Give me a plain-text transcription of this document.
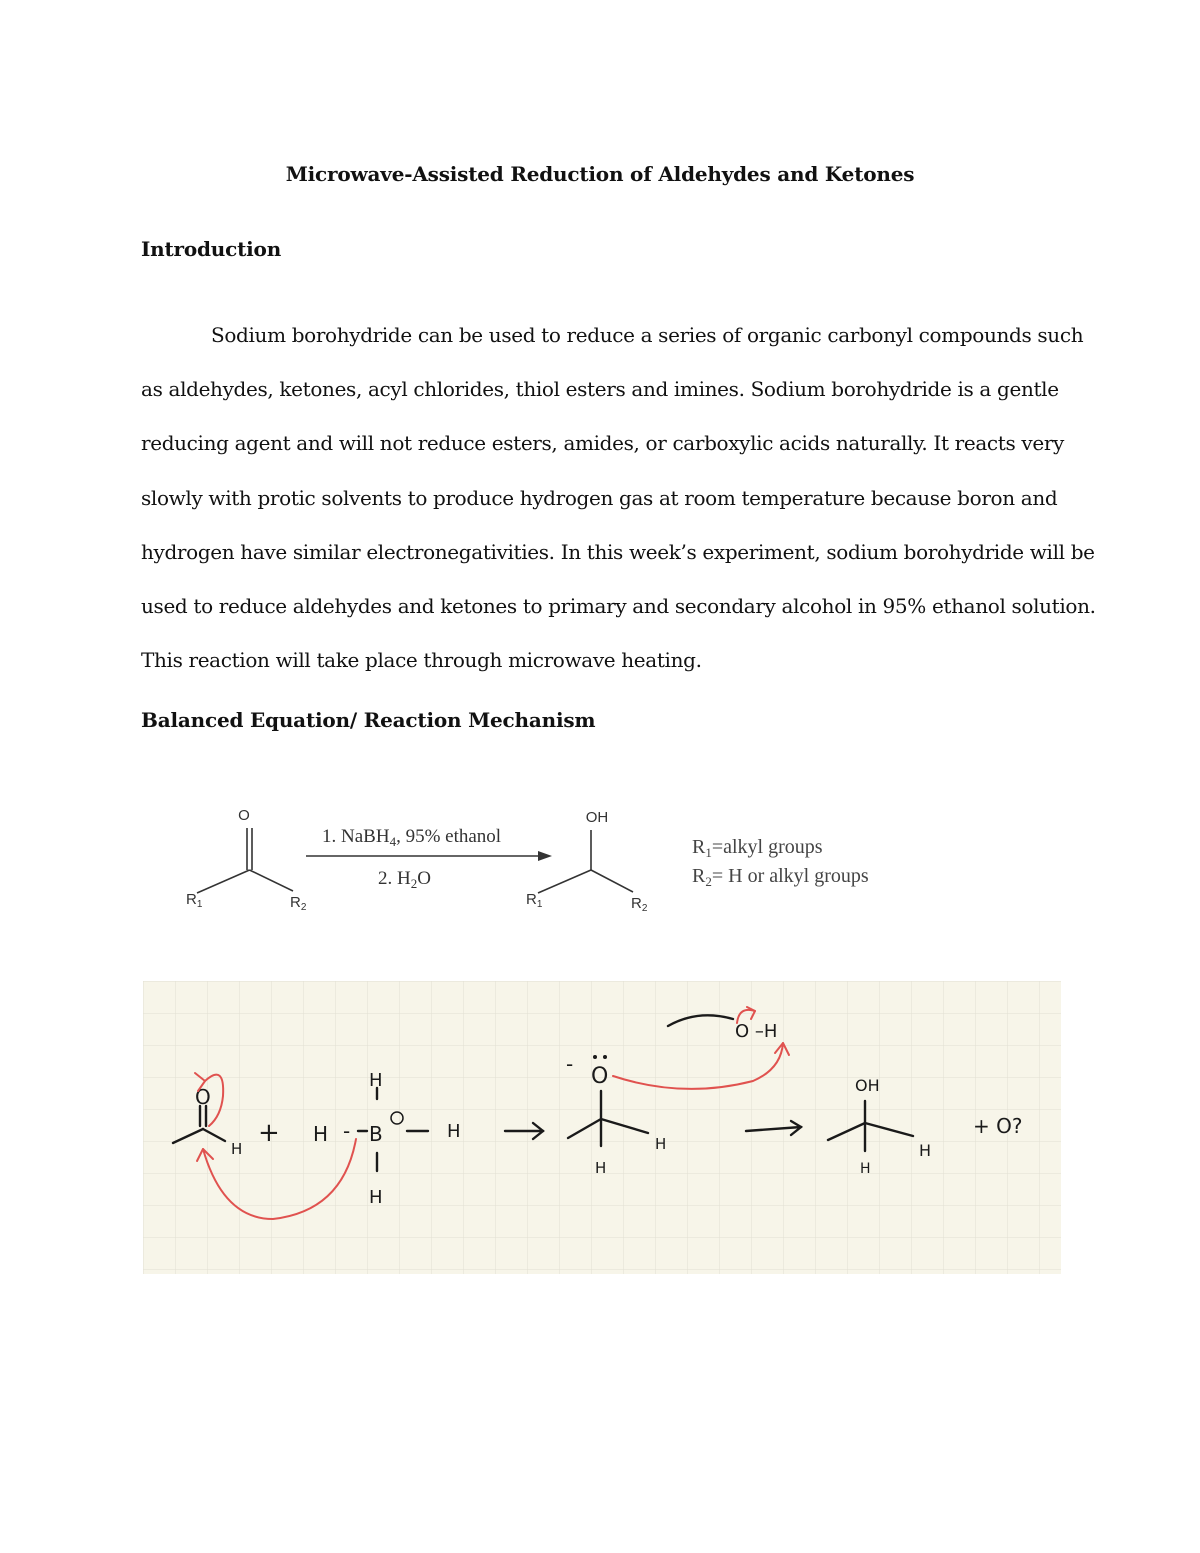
Microwave-Assisted Reduction of Aldehydes and Ketones
Introduction
Sodium borohydride can be used to reduce a series of organic carbonyl compounds such
as aldehydes, ketones, acyl chlorides, thiol esters and imines. Sodium borohydride is a gentle
reducing agent and will not reduce esters, amides, or carboxylic acids naturally. It reacts very
slowly with protic solvents to produce hydrogen gas at room temperature because boron and
hydrogen have similar electronegativities. In this week’s experiment, sodium borohydride will be
used to reduce aldehydes and ketones to primary and secondary alcohol in 95% ethanol solution.
This reaction will take place through microwave heating.
Balanced Equation/ Reaction Mechanism
O
$R_1$	$R_2$
1. NaBH$_4$, 95% ethanol
2. $H_2O$
OH
$R_1$	$R_2$
$R_1=alkyl$ groups
$R_2= H$ or alkyl groups
O
H
+ H -
H
B	H
H
- O
H
H
O –H
OH
H
H
+ O?
